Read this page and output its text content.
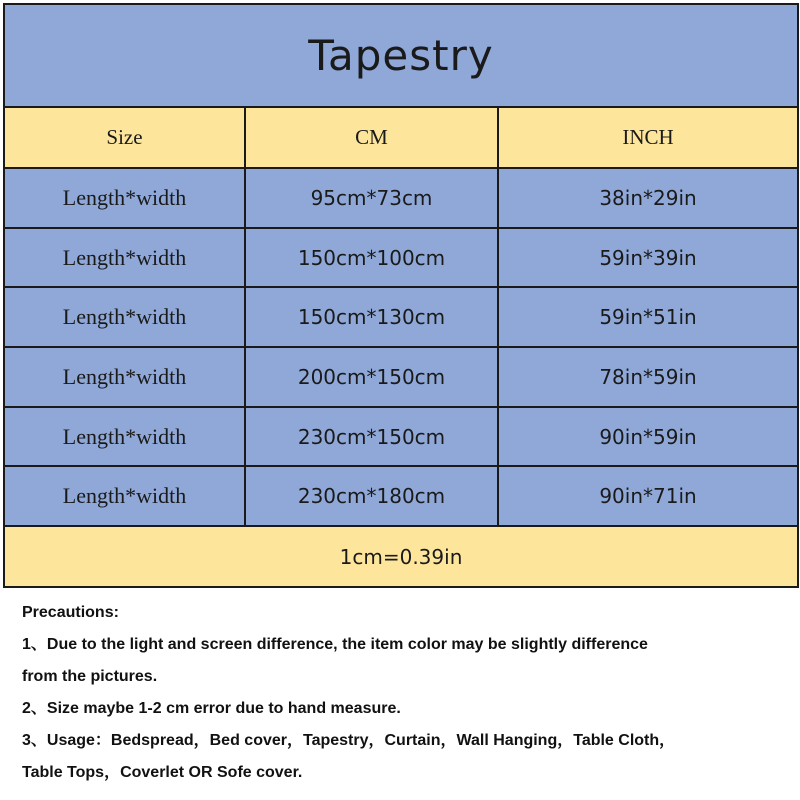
Tapestry		
Size	CM	INCH
Length*width	95cm*73cm	38in*29in
Length*width	150cm*100cm	59in*39in
Length*width	150cm*130cm	59in*51in
Length*width	200cm*150cm	78in*59in
Length*width	230cm*150cm	90in*59in
Length*width	230cm*180cm	90in*71in
1cm=0.39in		
Precautions:
1、Due to the light and screen difference, the item color may be slightly difference
from the pictures.
2、Size maybe 1-2 cm error due to hand measure.
3、Usage：Bedspread，Bed cover，Tapestry，Curtain，Wall Hanging，Table Cloth，
Table Tops，Coverlet OR Sofe cover.
